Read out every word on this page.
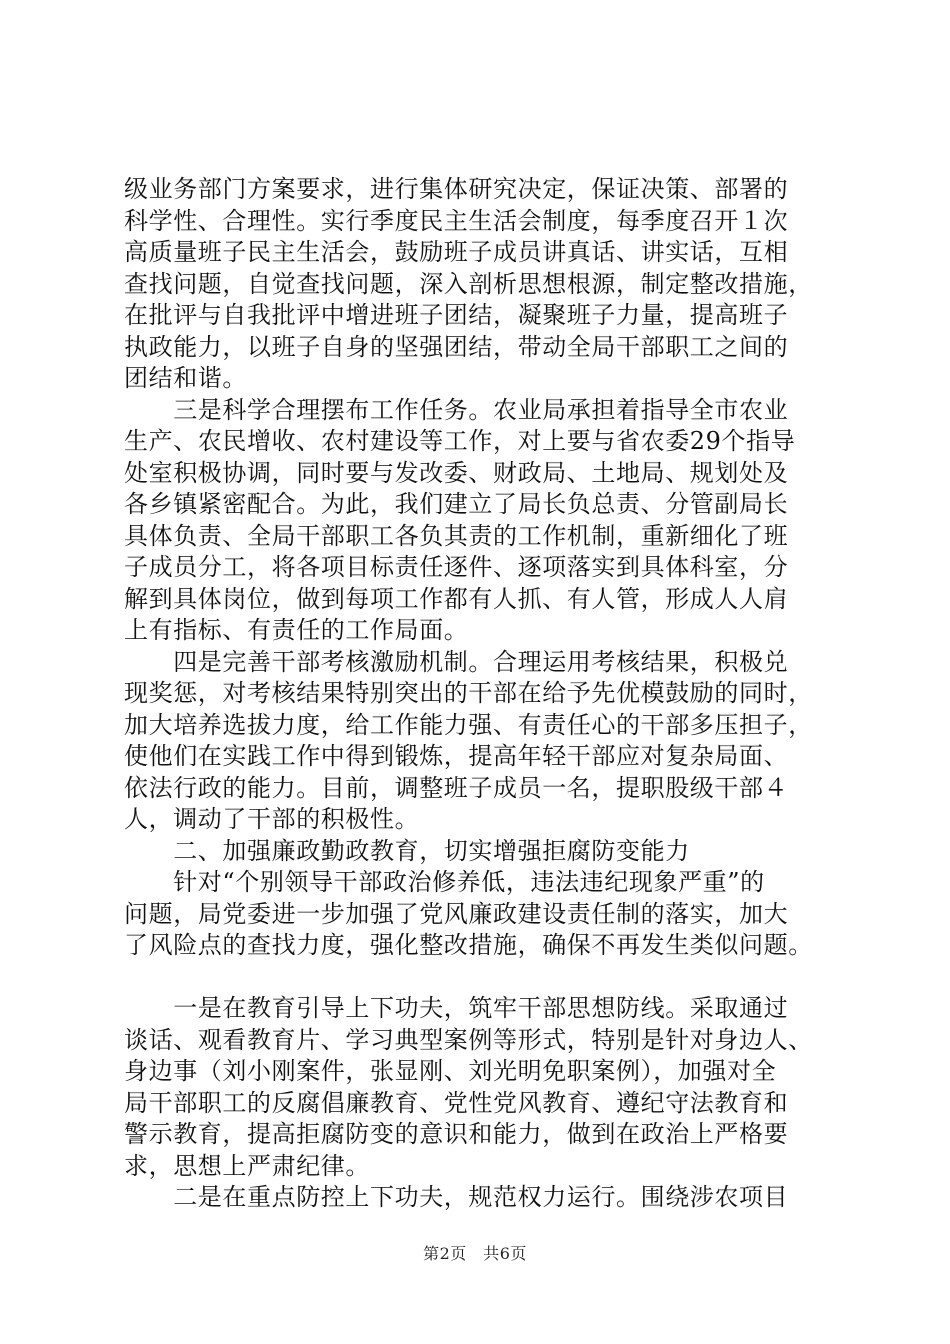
级业务部门方案要求，进行集体研究决定，保证决策、部署的
科学性、合理性。实行季度民主生活会制度，每季度召开１次
高质量班子民主生活会，鼓励班子成员讲真话、讲实话，互相
查找问题，自觉查找问题，深入剖析思想根源，制定整改措施，
在批评与自我批评中增进班子团结，凝聚班子力量，提高班子
执政能力，以班子自身的坚强团结，带动全局干部职工之间的
团结和谐。
　　三是科学合理摆布工作任务。农业局承担着指导全市农业
生产、农民增收、农村建设等工作，对上要与省农委29个指导
处室积极协调，同时要与发改委、财政局、土地局、规划处及
各乡镇紧密配合。为此，我们建立了局长负总责、分管副局长
具体负责、全局干部职工各负其责的工作机制，重新细化了班
子成员分工，将各项目标责任逐件、逐项落实到具体科室，分
解到具体岗位，做到每项工作都有人抓、有人管，形成人人肩
上有指标、有责任的工作局面。
　　四是完善干部考核激励机制。合理运用考核结果，积极兑
现奖惩，对考核结果特别突出的干部在给予先优模鼓励的同时，
加大培养选拔力度，给工作能力强、有责任心的干部多压担子，
使他们在实践工作中得到锻炼，提高年轻干部应对复杂局面、
依法行政的能力。目前，调整班子成员一名，提职股级干部４
人，调动了干部的积极性。
　　二、加强廉政勤政教育，切实增强拒腐防变能力
　　针对“个别领导干部政治修养低，违法违纪现象严重”的
问题，局党委进一步加强了党风廉政建设责任制的落实，加大
了风险点的查找力度，强化整改措施，确保不再发生类似问题。
　　一是在教育引导上下功夫，筑牢干部思想防线。采取通过
谈话、观看教育片、学习典型案例等形式，特别是针对身边人、
身边事（刘小刚案件，张显刚、刘光明免职案例），加强对全
局干部职工的反腐倡廉教育、党性党风教育、遵纪守法教育和
警示教育，提高拒腐防变的意识和能力，做到在政治上严格要
求，思想上严肃纪律。
　　二是在重点防控上下功夫，规范权力运行。围绕涉农项目
第2页　共6页
